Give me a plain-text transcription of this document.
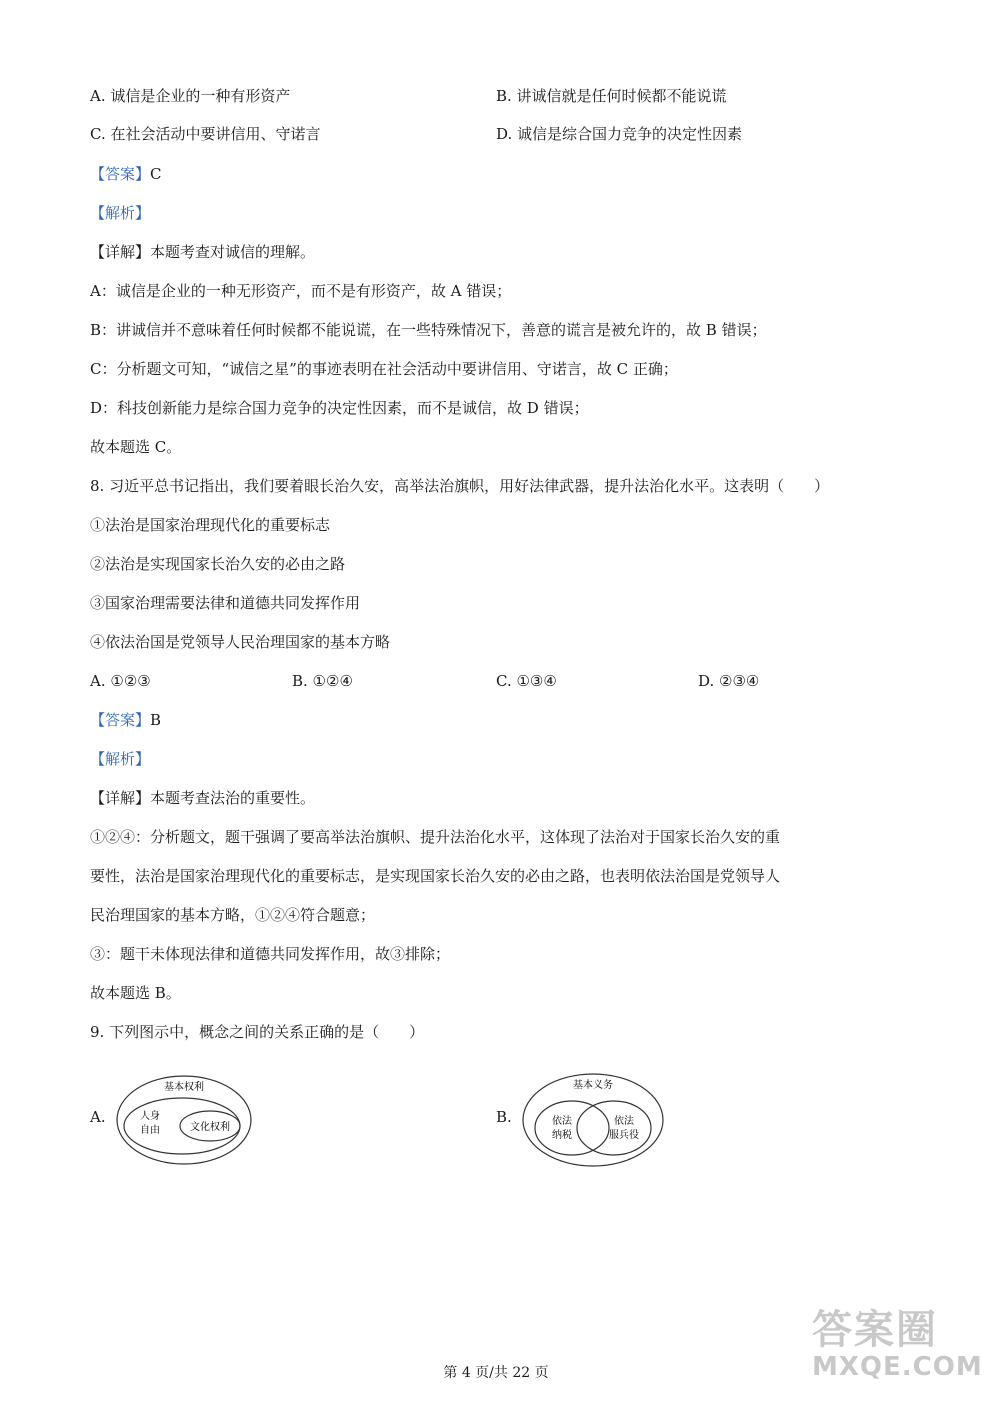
A. 诚信是企业的一种有形资产	B. 讲诚信就是任何时候都不能说谎
C. 在社会活动中要讲信用、守诺言	D. 诚信是综合国力竞争的决定性因素
【答案】C
【解析】
【详解】本题考查对诚信的理解。
A：诚信是企业的一种无形资产，而不是有形资产，故 A 错误；
B：讲诚信并不意味着任何时候都不能说谎，在一些特殊情况下，善意的谎言是被允许的，故 B 错误；
C：分析题文可知，“诚信之星”的事迹表明在社会活动中要讲信用、守诺言，故 C 正确；
D：科技创新能力是综合国力竞争的决定性因素，而不是诚信，故 D 错误；
故本题选 C。
8. 习近平总书记指出，我们要着眼长治久安，高举法治旗帜，用好法律武器，提升法治化水平。这表明（　　）
①法治是国家治理现代化的重要标志
②法治是实现国家长治久安的必由之路
③国家治理需要法律和道德共同发挥作用
④依法治国是党领导人民治理国家的基本方略
A. ①②③	B. ①②④	C. ①③④	D. ②③④
【答案】B
【解析】
【详解】本题考查法治的重要性。
①②④：分析题文，题干强调了要高举法治旗帜、提升法治化水平，这体现了法治对于国家长治久安的重
要性，法治是国家治理现代化的重要标志，是实现国家长治久安的必由之路，也表明依法治国是党领导人
民治理国家的基本方略，①②④符合题意；
③：题干未体现法律和道德共同发挥作用，故③排除；
故本题选 B。
9. 下列图示中，概念之间的关系正确的是（　　）
A.
基本权利
人身
自由	文化权利
B.
基本义务
依法
纳税
依法
服兵役
第 4 页/共 22 页
答案圈
MXQE.COM
